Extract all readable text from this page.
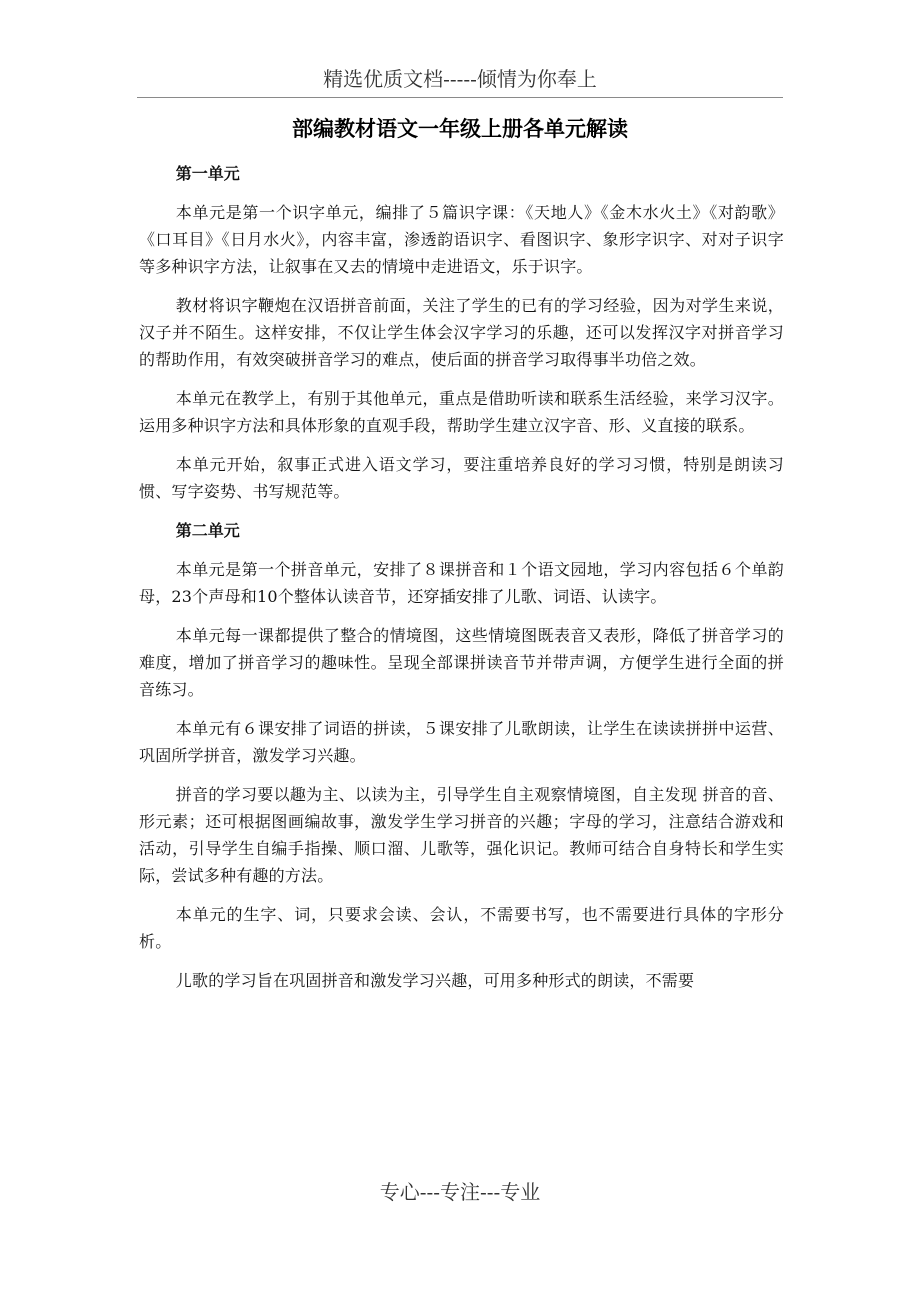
精选优质文档-----倾情为你奉上
部编教材语文一年级上册各单元解读

第一单元

本单元是第一个识字单元，编排了５篇识字课：《天地人》《金木水火土》《对韵歌》《口耳目》《日月水火》，内容丰富，渗透韵语识字、看图识字、象形字识字、对对子识字等多种识字方法，让叙事在又去的情境中走进语文，乐于识字。

教材将识字鞭炮在汉语拼音前面，关注了学生的已有的学习经验，因为对学生来说，汉子并不陌生。这样安排，不仅让学生体会汉字学习的乐趣，还可以发挥汉字对拼音学习的帮助作用，有效突破拼音学习的难点，使后面的拼音学习取得事半功倍之效。

本单元在教学上，有别于其他单元，重点是借助听读和联系生活经验，来学习汉字。运用多种识字方法和具体形象的直观手段，帮助学生建立汉字音、形、义直接的联系。

本单元开始，叙事正式进入语文学习，要注重培养良好的学习习惯，特别是朗读习惯、写字姿势、书写规范等。

第二单元

本单元是第一个拼音单元，安排了８课拼音和１个语文园地，学习内容包括６个单韵母，23个声母和10个整体认读音节，还穿插安排了儿歌、词语、认读字。

本单元每一课都提供了整合的情境图，这些情境图既表音又表形，降低了拼音学习的难度，增加了拼音学习的趣味性。呈现全部课拼读音节并带声调，方便学生进行全面的拼音练习。

本单元有６课安排了词语的拼读，５课安排了儿歌朗读，让学生在读读拼拼中运营、巩固所学拼音，激发学习兴趣。

拼音的学习要以趣为主、以读为主，引导学生自主观察情境图，自主发现 拼音的音、形元素；还可根据图画编故事，激发学生学习拼音的兴趣；字母的学习，注意结合游戏和活动，引导学生自编手指操、顺口溜、儿歌等，强化识记。教师可结合自身特长和学生实际，尝试多种有趣的方法。

本单元的生字、词，只要求会读、会认，不需要书写，也不需要进行具体的字形分析。

儿歌的学习旨在巩固拼音和激发学习兴趣，可用多种形式的朗读，不需要

专心---专注---专业
